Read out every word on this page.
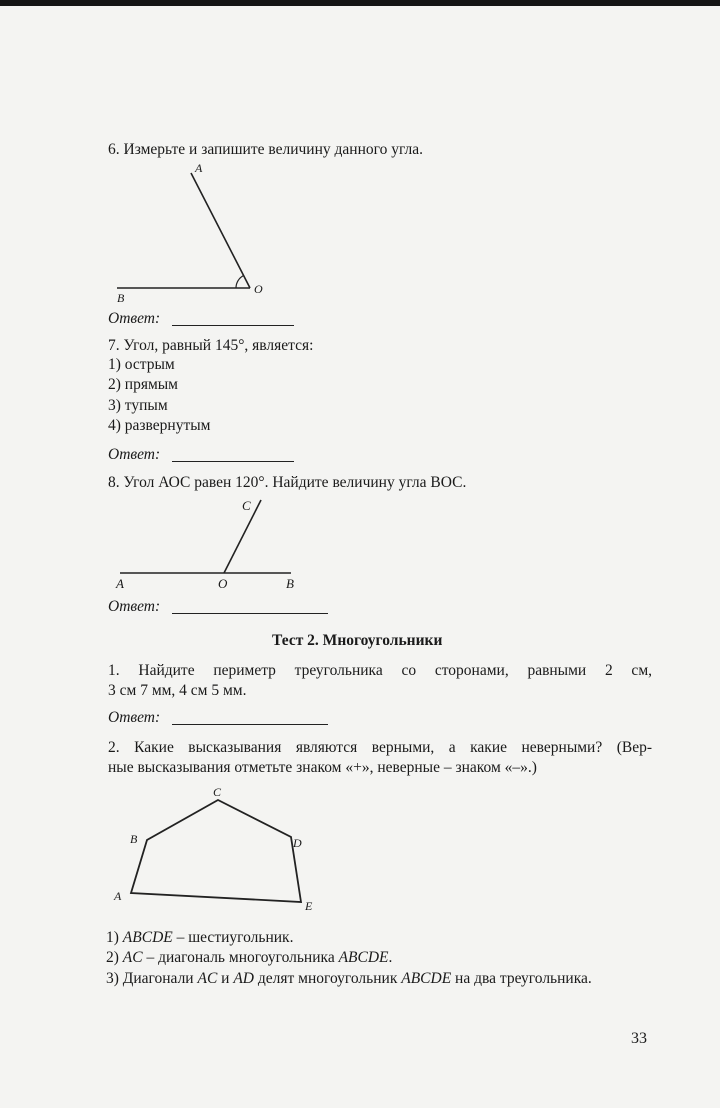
6. Измерьте и запишите величину данного угла.
A
B
O
Ответ:
7. Угол, равный 145°, является:
1) острым
2) прямым
3) тупым
4) развернутым
Ответ:
8. Угол АОС равен 120°. Найдите величину угла ВОС.
C
A	O	B
Ответ:
Тест 2. Многоугольники
1. Найдите периметр треугольника со сторонами, равными 2 см,
3 см 7 мм, 4 см 5 мм.
Ответ:
2. Какие высказывания являются верными, а какие неверными? (Вер-
ные высказывания отметьте знаком «+», неверные – знаком «–».)
A
B
C
D
E
1) ABCDE – шестиугольник.
2) AC – диагональ многоугольника ABCDE.
3) Диагонали AC и AD делят многоугольник ABCDE на два треугольника.
33
